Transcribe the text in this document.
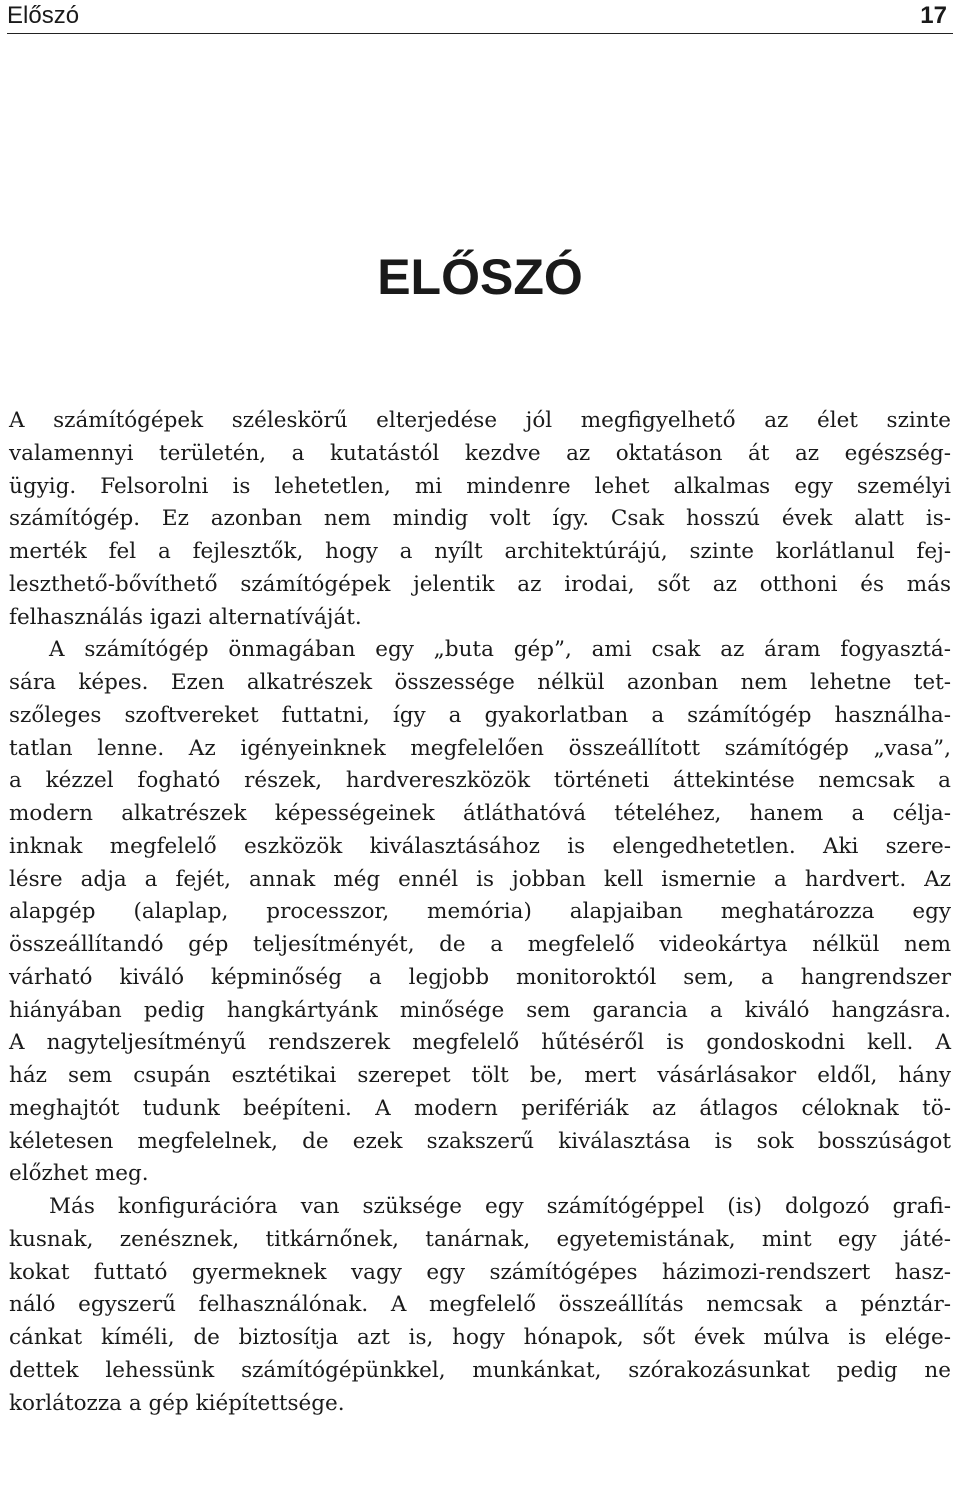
Előszó	17
ELŐSZÓ
A számítógépek széleskörű elterjedése jól megfigyelhető az élet szinte
valamennyi területén, a kutatástól kezdve az oktatáson át az egészség-
ügyig. Felsorolni is lehetetlen, mi mindenre lehet alkalmas egy személyi
számítógép. Ez azonban nem mindig volt így. Csak hosszú évek alatt is-
merték fel a fejlesztők, hogy a nyílt architektúrájú, szinte korlátlanul fej-
leszthető-bővíthető számítógépek jelentik az irodai, sőt az otthoni és más
felhasználás igazi alternatíváját.
A számítógép önmagában egy „buta gép”, ami csak az áram fogyasztá-
sára képes. Ezen alkatrészek összessége nélkül azonban nem lehetne tet-
szőleges szoftvereket futtatni, így a gyakorlatban a számítógép használha-
tatlan lenne. Az igényeinknek megfelelően összeállított számítógép „vasa”,
a kézzel fogható részek, hardvereszközök történeti áttekintése nemcsak a
modern alkatrészek képességeinek átláthatóvá tételéhez, hanem a célja-
inknak megfelelő eszközök kiválasztásához is elengedhetetlen. Aki szere-
lésre adja a fejét, annak még ennél is jobban kell ismernie a hardvert. Az
alapgép (alaplap, processzor, memória) alapjaiban meghatározza egy
összeállítandó gép teljesítményét, de a megfelelő videokártya nélkül nem
várható kiváló képminőség a legjobb monitoroktól sem, a hangrendszer
hiányában pedig hangkártyánk minősége sem garancia a kiváló hangzásra.
A nagyteljesítményű rendszerek megfelelő hűtéséről is gondoskodni kell. A
ház sem csupán esztétikai szerepet tölt be, mert vásárlásakor eldől, hány
meghajtót tudunk beépíteni. A modern perifériák az átlagos céloknak tö-
kéletesen megfelelnek, de ezek szakszerű kiválasztása is sok bosszúságot
előzhet meg.
Más konfigurációra van szüksége egy számítógéppel (is) dolgozó grafi-
kusnak, zenésznek, titkárnőnek, tanárnak, egyetemistának, mint egy játé-
kokat futtató gyermeknek vagy egy számítógépes házimozi-rendszert hasz-
náló egyszerű felhasználónak. A megfelelő összeállítás nemcsak a pénztár-
cánkat kíméli, de biztosítja azt is, hogy hónapok, sőt évek múlva is elége-
dettek lehessünk számítógépünkkel, munkánkat, szórakozásunkat pedig ne
korlátozza a gép kiépítettsége.
